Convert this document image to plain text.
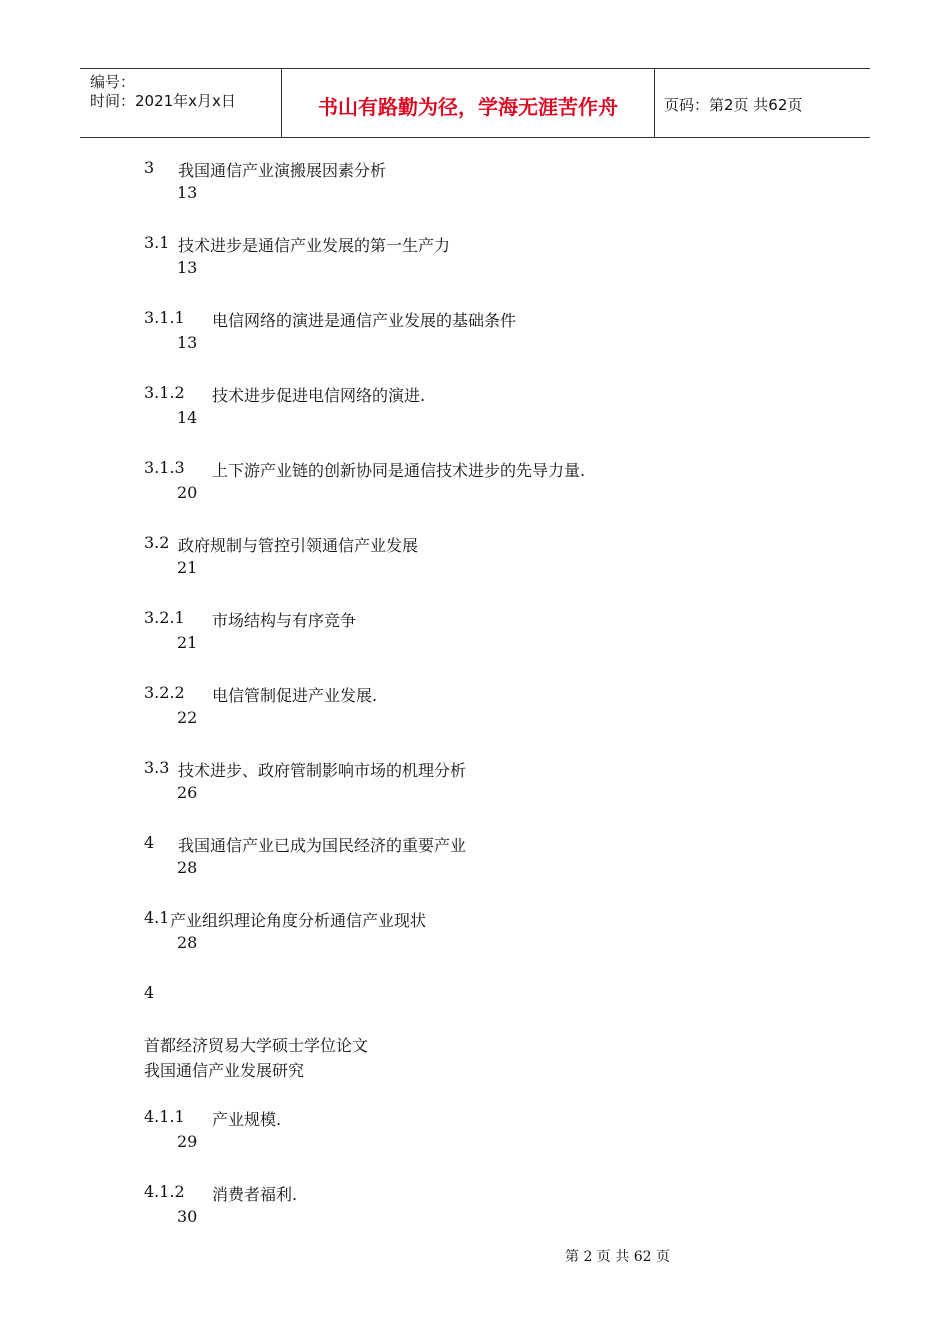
编号：
时间：2021年x月x日	书山有路勤为径，学海无涯苦作舟	页码：第2页 共62页
3 我国通信产业演搬展因素分析
13
3.1 技术进步是通信产业发展的第一生产力
13
3.1.1 电信网络的演进是通信产业发展的基础条件
13
3.1.2 技术进步促进电信网络的演进.
14
3.1.3 上下游产业链的创新协同是通信技术进步的先导力量.
20
3.2 政府规制与管控引领通信产业发展
21
3.2.1 市场结构与有序竞争
21
3.2.2 电信管制促进产业发展.
22
3.3 技术进步、政府管制影响市场的机理分析
26
4 我国通信产业已成为国民经济的重要产业
28
4.1 产业组织理论角度分析通信产业现状
28
4
首都经济贸易大学硕士学位论文
我国通信产业发展研究
4.1.1 产业规模.
29
4.1.2 消费者福利.
30
第 2 页 共 62 页
